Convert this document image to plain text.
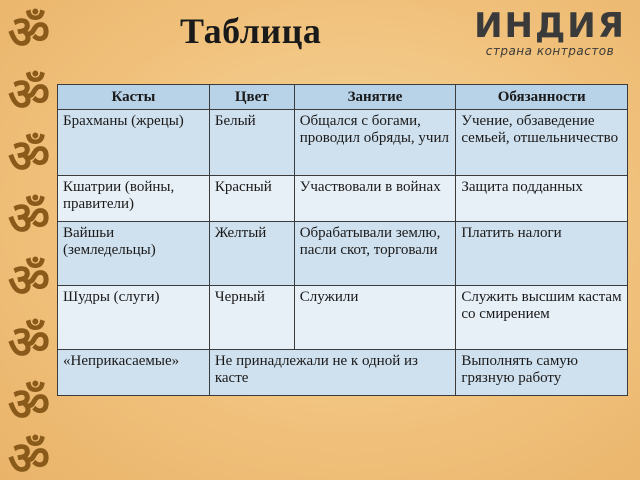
ॐ
ॐ
ॐ
ॐ
ॐ
ॐ
ॐ
ॐ
Таблица	ИНДИЯ
страна контрастов
Касты	Цвет	Занятие	Обязанности
Брахманы (жрецы)	Белый	Общался с богами, проводил обряды, учил	Учение, обзаведение семьей, отшельничество
Кшатрии (войны, правители)	Красный	Участвовали в войнах	Защита подданных
Вайшьи (земледельцы)	Желтый	Обрабатывали землю, пасли скот, торговали	Платить налоги
Шудры (слуги)	Черный	Служили	Служить высшим кастам со смирением
«Неприкасаемые»	Не принадлежали не к одной из касте		Выполнять самую грязную работу
